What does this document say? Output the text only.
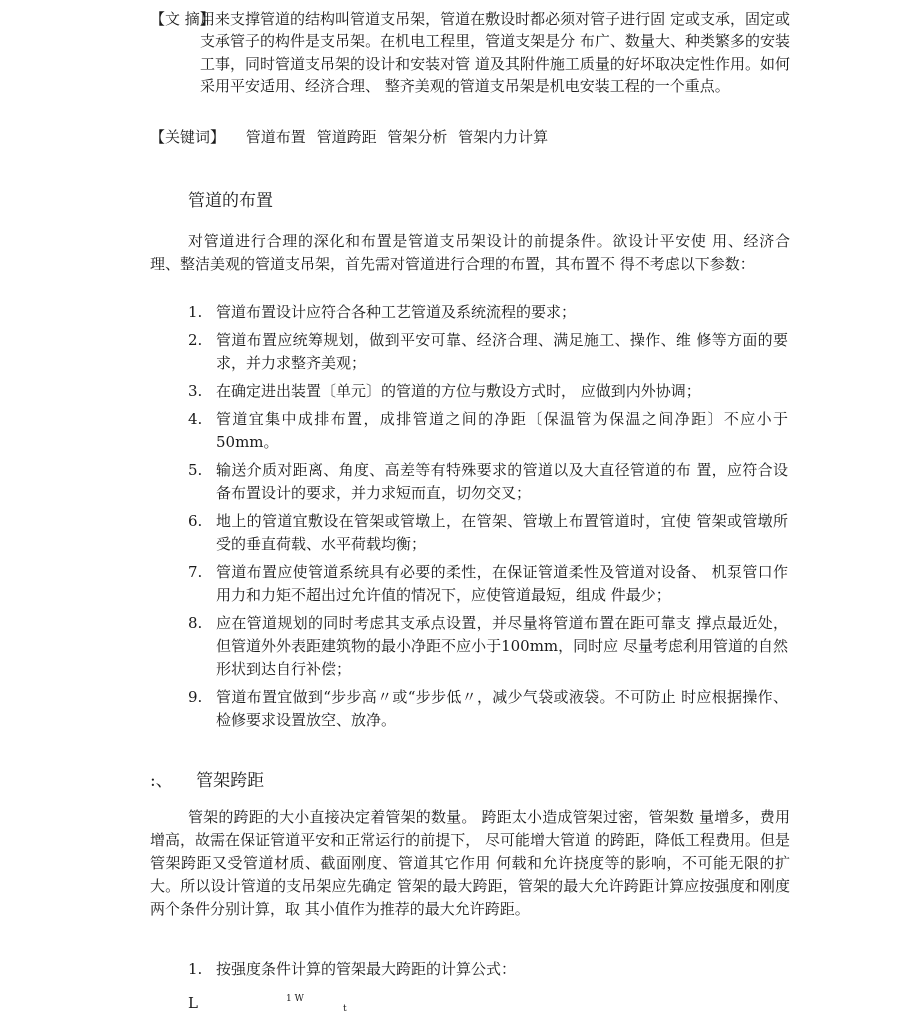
【文 摘】
用来支撑管道的结构叫管道支吊架，管道在敷设时都必须对管子进行固 定或支承，固定或支承管子的构件是支吊架。在机电工程里，管道支架是分 布广、数量大、种类繁多的安装工事，同时管道支吊架的设计和安装对管 道及其附件施工质量的好坏取决定性作用。如何采用平安适用、经济合理、 整齐美观的管道支吊架是机电安装工程的一个重点。
【关键词】 管道布置 管道跨距 管架分析 管架内力计算
管道的布置
对管道进行合理的深化和布置是管道支吊架设计的前提条件。欲设计平安使 用、经济合理、整洁美观的管道支吊架，首先需对管道进行合理的布置，其布置不 得不考虑以下参数：
1. 管道布置设计应符合各种工艺管道及系统流程的要求；
2. 管道布置应统筹规划，做到平安可靠、经济合理、满足施工、操作、维 修等方面的要求，并力求整齐美观；
3. 在确定进出装置〔单元〕的管道的方位与敷设方式时， 应做到内外协调；
4. 管道宜集中成排布置，成排管道之间的净距〔保温管为保温之间净距〕不应小于50mm。
5. 输送介质对距离、角度、高差等有特殊要求的管道以及大直径管道的布 置，应符合设备布置设计的要求，并力求短而直，切勿交叉；
6. 地上的管道宜敷设在管架或管墩上，在管架、管墩上布置管道时，宜使 管架或管墩所受的垂直荷载、水平荷载均衡；
7. 管道布置应使管道系统具有必要的柔性，在保证管道柔性及管道对设备、 机泵管口作用力和力矩不超出过允许值的情况下，应使管道最短，组成 件最少；
8. 应在管道规划的同时考虑其支承点设置，并尽量将管道布置在距可靠支 撑点最近处，但管道外外表距建筑物的最小净距不应小于100mm，同时应 尽量考虑利用管道的自然形状到达自行补偿；
9. 管道布置宜做到“步步高〃或“步步低〃，减少气袋或液袋。不可防止 时应根据操作、检修要求设置放空、放净。
:、 管架跨距
管架的跨距的大小直接决定着管架的数量。 跨距太小造成管架过密，管架数 量增多，费用增高，故需在保证管道平安和正常运行的前提下， 尽可能增大管道 的跨距，降低工程费用。但是管架跨距又受管道材质、截面刚度、管道其它作用 何载和允许挠度等的影响，不可能无限的扩大。所以设计管道的支吊架应先确定 管架的最大跨距，管架的最大允许跨距计算应按强度和刚度两个条件分别计算，取 其小值作为推荐的最大允许跨距。
1. 按强度条件计算的管架最大跨距的计算公式：
L	1 W
t
